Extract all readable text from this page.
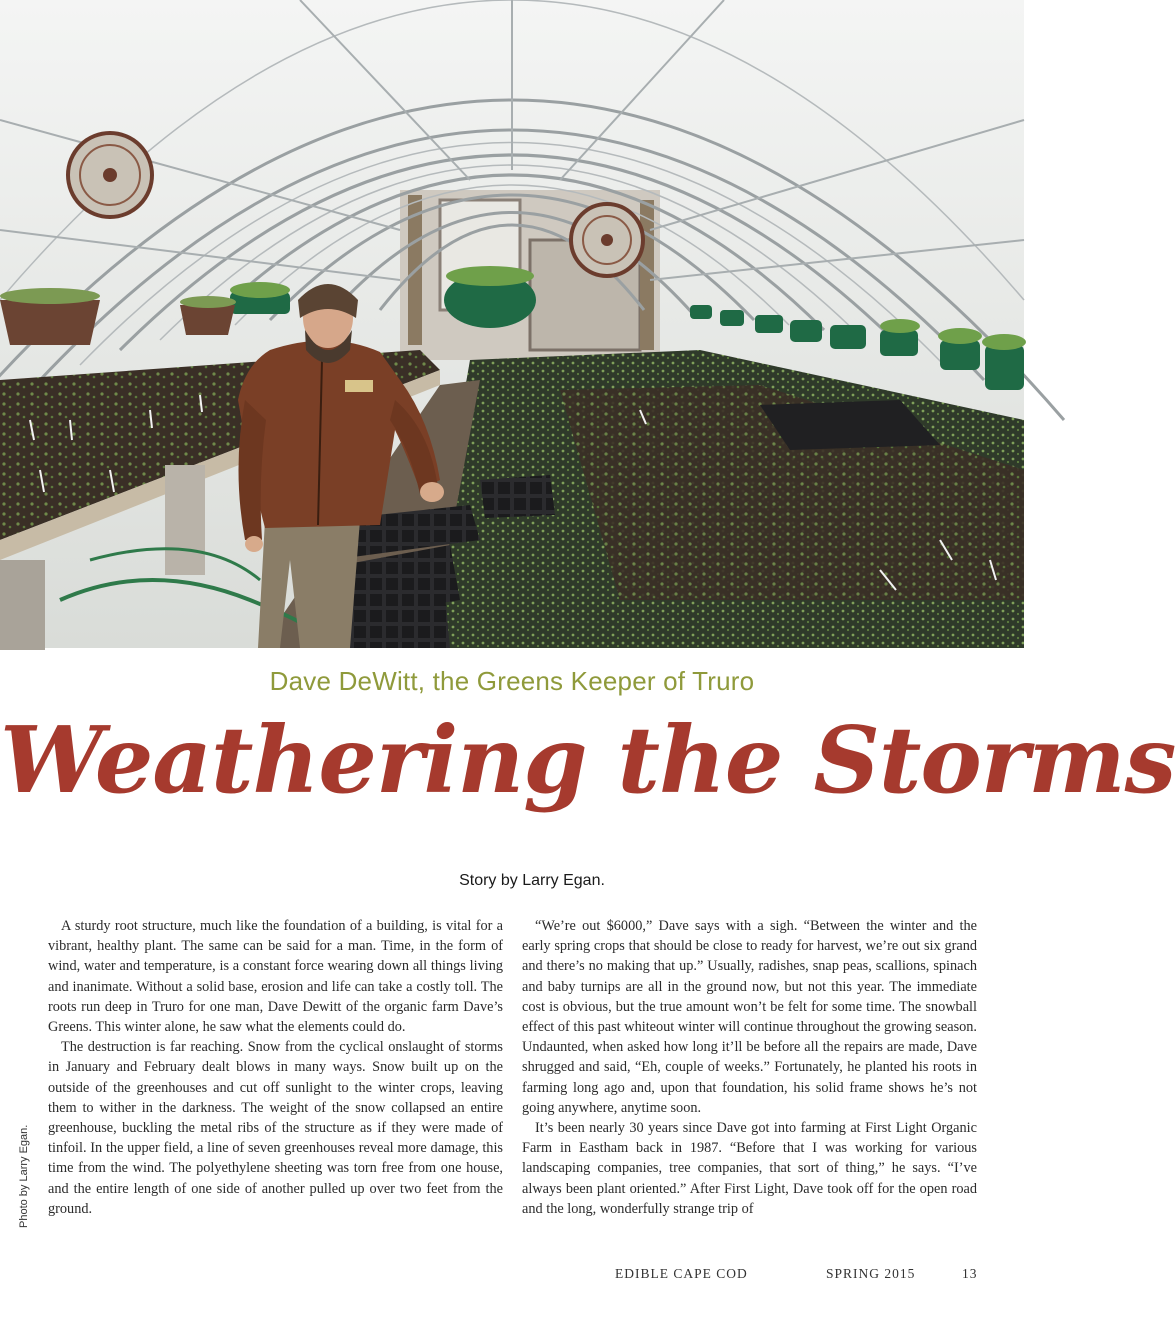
Dave DeWitt, the Greens Keeper of Truro
Weathering the Storms
Story by Larry Egan.
Photo by Larry Egan.

A sturdy root structure, much like the foundation of a building, is vital for a vibrant, healthy plant. The same can be said for a man. Time, in the form of wind, water and temperature, is a constant force wearing down all things living and inanimate. Without a solid base, erosion and life can take a costly toll. The roots run deep in Truro for one man, Dave Dewitt of the organic farm Dave’s Greens. This winter alone, he saw what the elements could do.

The destruction is far reaching. Snow from the cyclical onslaught of storms in January and February dealt blows in many ways. Snow built up on the outside of the greenhouses and cut off sunlight to the winter crops, leaving them to wither in the darkness. The weight of the snow collapsed an entire greenhouse, buckling the metal ribs of the structure as if they were made of tinfoil. In the upper field, a line of seven greenhouses reveal more damage, this time from the wind. The polyethylene sheeting was torn free from one house, and the entire length of one side of another pulled up over two feet from the ground.

“We’re out $6000,” Dave says with a sigh. “Between the winter and the early spring crops that should be close to ready for harvest, we’re out six grand and there’s no making that up.” Usually, radishes, snap peas, scallions, spinach and baby turnips are all in the ground now, but not this year. The immediate cost is obvious, but the true amount won’t be felt for some time. The snowball effect of this past whiteout winter will continue throughout the growing season. Undaunted, when asked how long it’ll be before all the repairs are made, Dave shrugged and said, “Eh, couple of weeks.” Fortunately, he planted his roots in farming long ago and, upon that foundation, his solid frame shows he’s not going anywhere, anytime soon.

It’s been nearly 30 years since Dave got into farming at First Light Organic Farm in Eastham back in 1987. “Before that I was working for various landscaping companies, tree companies, that sort of thing,” he says. “I’ve always been plant oriented.” After First Light, Dave took off for the open road and the long, wonderfully strange trip of

EDIBLE CAPE COD	SPRING 2015	13
